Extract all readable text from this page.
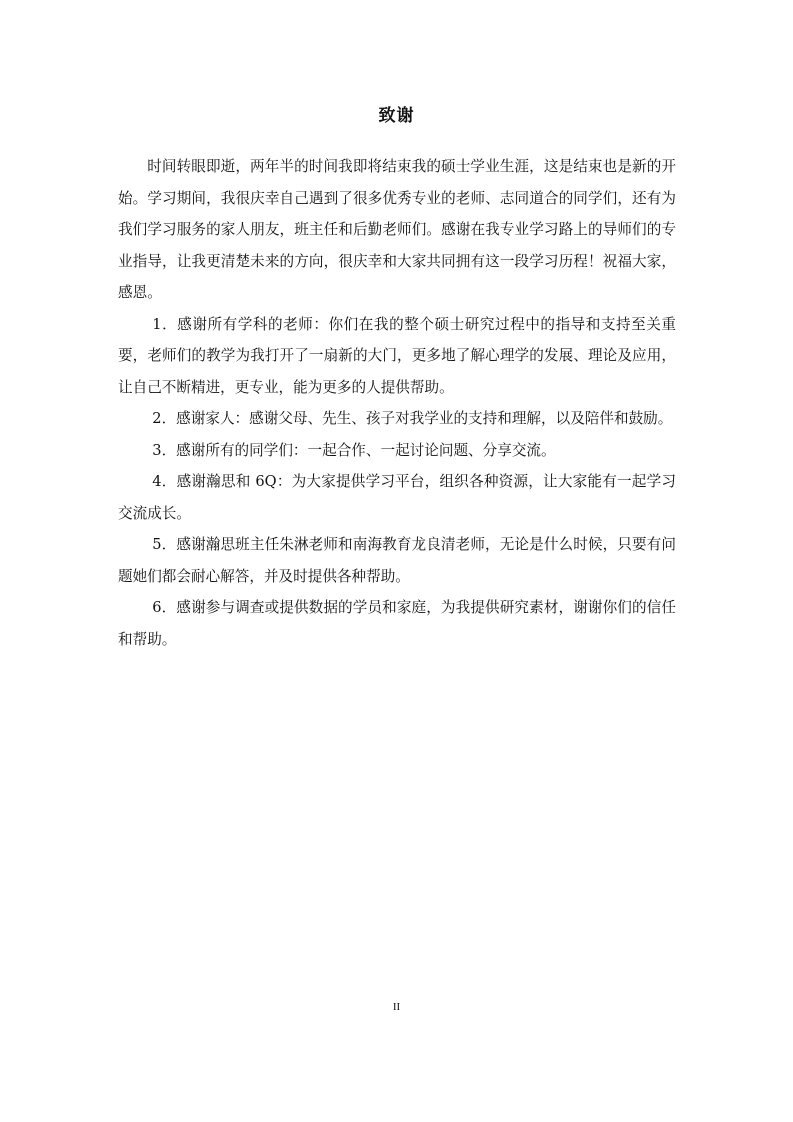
致谢

时间转眼即逝，两年半的时间我即将结束我的硕士学业生涯，这是结束也是新的开始。学习期间，我很庆幸自己遇到了很多优秀专业的老师、志同道合的同学们，还有为我们学习服务的家人朋友，班主任和后勤老师们。感谢在我专业学习路上的导师们的专业指导，让我更清楚未来的方向，很庆幸和大家共同拥有这一段学习历程！祝福大家，感恩。

1．感谢所有学科的老师：你们在我的整个硕士研究过程中的指导和支持至关重要，老师们的教学为我打开了一扇新的大门，更多地了解心理学的发展、理论及应用，让自己不断精进，更专业，能为更多的人提供帮助。

2．感谢家人：感谢父母、先生、孩子对我学业的支持和理解，以及陪伴和鼓励。

3．感谢所有的同学们：一起合作、一起讨论问题、分享交流。

4．感谢瀚思和 6Q：为大家提供学习平台，组织各种资源，让大家能有一起学习交流成长。

5．感谢瀚思班主任朱淋老师和南海教育龙良清老师，无论是什么时候，只要有问题她们都会耐心解答，并及时提供各种帮助。

6．感谢参与调查或提供数据的学员和家庭，为我提供研究素材，谢谢你们的信任和帮助。

II
